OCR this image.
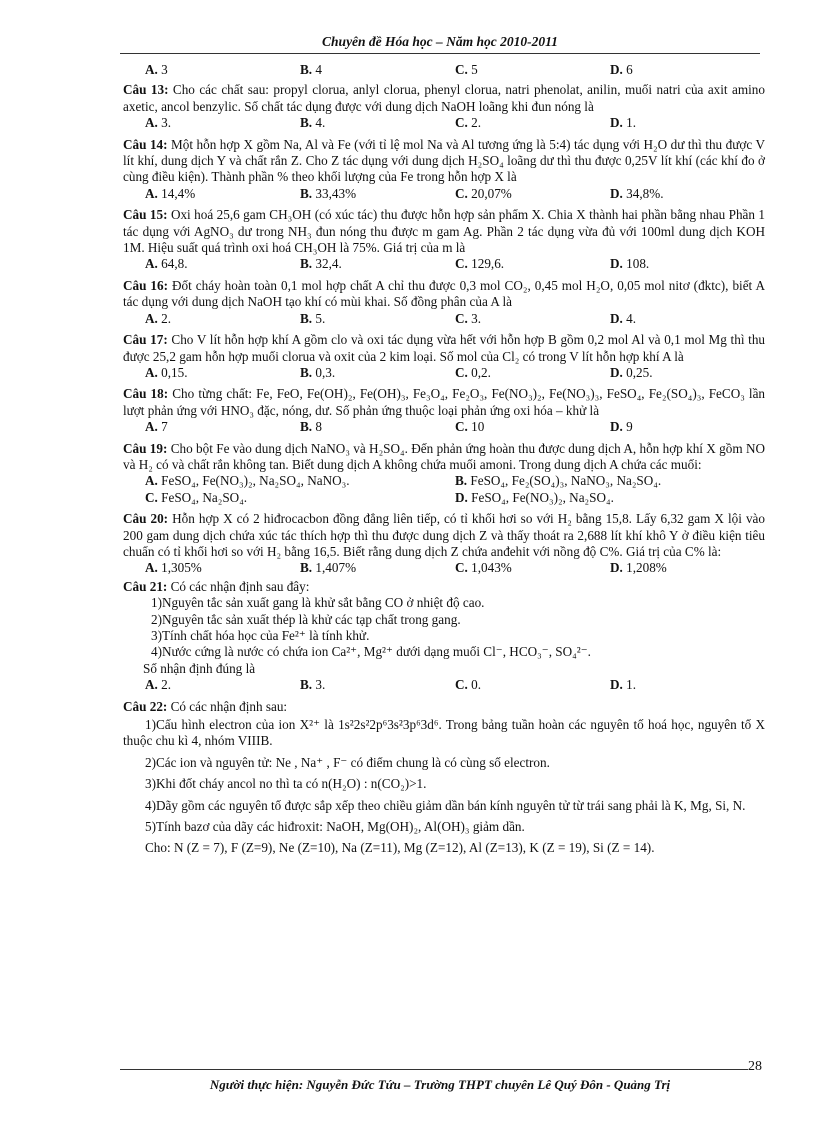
Chuyên đề Hóa học – Năm học 2010-2011
A. 3	B. 4	C. 5	D. 6
Câu 13: Cho các chất sau: propyl clorua, anlyl clorua, phenyl clorua, natri phenolat, anilin, muối natri của axit amino axetic, ancol benzylic. Số chất tác dụng được với dung dịch NaOH loãng khi đun nóng là
A. 3.	B. 4.	C. 2.	D. 1.
Câu 14: Một hỗn hợp X gồm Na, Al và Fe (với tỉ lệ mol Na và Al tương ứng là 5:4) tác dụng với H₂O dư thì thu được V lít khí, dung dịch Y và chất rắn Z. Cho Z tác dụng với dung dịch H₂SO₄ loãng dư thì thu được 0,25V lít khí (các khí đo ở cùng điều kiện). Thành phần % theo khối lượng của Fe trong hỗn hợp X là
A. 14,4%	B. 33,43%	C. 20,07%	D. 34,8%.
Câu 15: Oxi hoá 25,6 gam CH₃OH (có xúc tác) thu được hỗn hợp sản phẩm X. Chia X thành hai phần bằng nhau Phần 1 tác dụng với AgNO₃ dư trong NH₃ đun nóng thu được m gam Ag. Phần 2 tác dụng vừa đủ với 100ml dung dịch KOH 1M. Hiệu suất quá trình oxi hoá CH₃OH là 75%. Giá trị của m là
A. 64,8.	B. 32,4.	C. 129,6.	D. 108.
Câu 16: Đốt cháy hoàn toàn 0,1 mol hợp chất A chỉ thu được 0,3 mol CO₂, 0,45 mol H₂O, 0,05 mol nitơ (đktc), biết A tác dụng với dung dịch NaOH tạo khí có mùi khai. Số đồng phân của A là
A. 2.	B. 5.	C. 3.	D. 4.
Câu 17: Cho V lít hỗn hợp khí A gồm clo và oxi tác dụng vừa hết với hỗn hợp B gồm 0,2 mol Al và 0,1 mol Mg thì thu được 25,2 gam hỗn hợp muối clorua và oxit của 2 kim loại. Số mol của Cl₂ có trong V lít hỗn hợp khí A là
A. 0,15.	B. 0,3.	C. 0,2.	D. 0,25.
Câu 18: Cho từng chất: Fe, FeO, Fe(OH)₂, Fe(OH)₃, Fe₃O₄, Fe₂O₃, Fe(NO₃)₂, Fe(NO₃)₃, FeSO₄, Fe₂(SO₄)₃, FeCO₃ lần lượt phản ứng với HNO₃ đặc, nóng, dư. Số phản ứng thuộc loại phản ứng oxi hóa – khử là
A. 7	B. 8	C. 10	D. 9
Câu 19: Cho bột Fe vào dung dịch NaNO₃ và H₂SO₄. Đến phản ứng hoàn thu được dung dịch A, hỗn hợp khí X gồm NO và H₂ có và chất rắn không tan. Biết dung dịch A không chứa muối amoni. Trong dung dịch A chứa các muối:
A. FeSO₄, Fe(NO₃)₂, Na₂SO₄, NaNO₃.	B. FeSO₄, Fe₂(SO₄)₃, NaNO₃, Na₂SO₄.
C. FeSO₄, Na₂SO₄.	D. FeSO₄, Fe(NO₃)₂, Na₂SO₄.
Câu 20: Hỗn hợp X có 2 hiđrocacbon đồng đẳng liên tiếp, có tỉ khối hơi so với H₂ bằng 15,8. Lấy 6,32 gam X lội vào 200 gam dung dịch chứa xúc tác thích hợp thì thu được dung dịch Z và thấy thoát ra 2,688 lít khí khô Y ở điều kiện tiêu chuẩn có tỉ khối hơi so với H₂ bằng 16,5. Biết rằng dung dịch Z chứa anđehit với nồng độ C%. Giá trị của C% là:
A. 1,305%	B. 1,407%	C. 1,043%	D. 1,208%
Câu 21: Có các nhận định sau đây:
1)Nguyên tắc sản xuất gang là khử sắt bằng CO ở nhiệt độ cao.
2)Nguyên tắc sản xuất thép là khử các tạp chất trong gang.
3)Tính chất hóa học của Fe²⁺ là tính khử.
4)Nước cứng là nước có chứa ion Ca²⁺, Mg²⁺ dưới dạng muối Cl⁻, HCO₃⁻, SO₄²⁻.
Số nhận định đúng là
A. 2.	B. 3.	C. 0.	D. 1.
Câu 22: Có các nhận định sau:
1)Cấu hình electron của ion X²⁺ là 1s²2s²2p⁶3s²3p⁶3d⁶. Trong bảng tuần hoàn các nguyên tố hoá học, nguyên tố X thuộc chu kì 4, nhóm VIIIB.
2)Các ion và nguyên tử: Ne , Na⁺ , F⁻ có điểm chung là có cùng số electron.
3)Khi đốt cháy ancol no thì ta có n(H₂O) : n(CO₂)>1.
4)Dãy gồm các nguyên tố được sắp xếp theo chiều giảm dần bán kính nguyên tử từ trái sang phải là K, Mg, Si, N.
5)Tính bazơ của dãy các hiđroxit: NaOH, Mg(OH)₂, Al(OH)₃ giảm dần.
Cho: N (Z = 7), F (Z=9), Ne (Z=10), Na (Z=11), Mg (Z=12), Al (Z=13), K (Z = 19), Si (Z = 14).
28
Người thực hiện: Nguyễn Đức Tứu – Trường THPT chuyên Lê Quý Đôn - Quảng Trị
